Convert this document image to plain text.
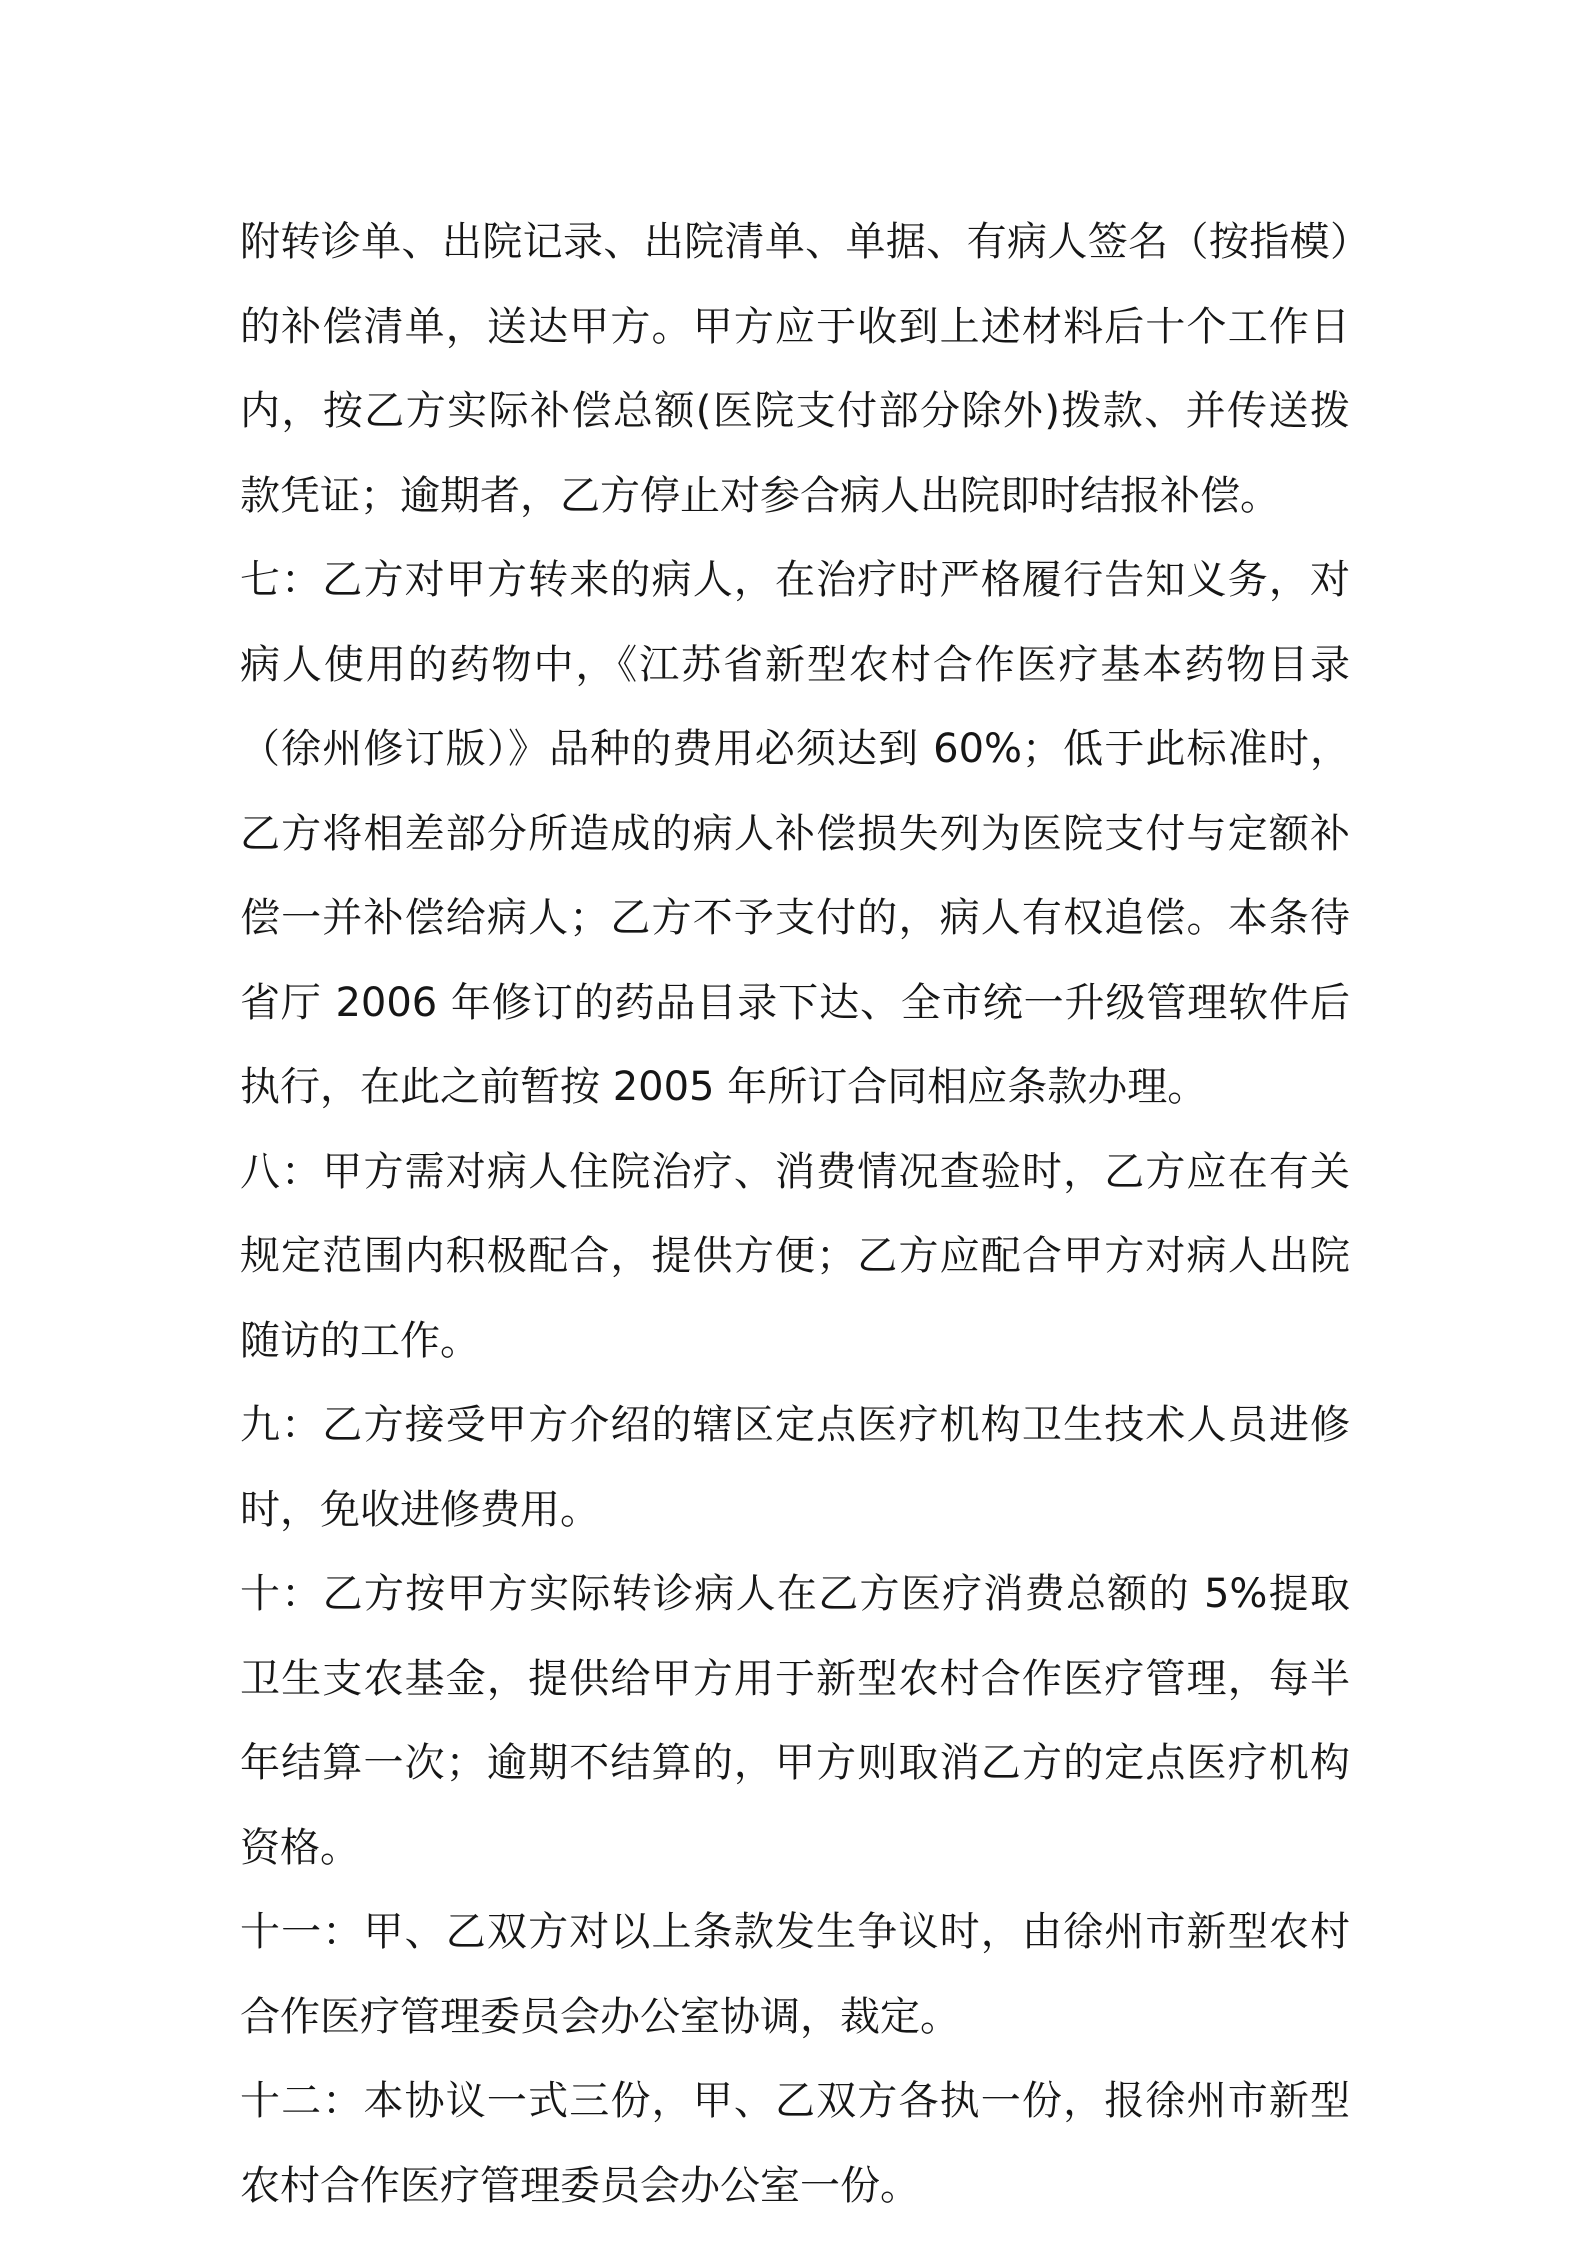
附转诊单、出院记录、出院清单、单据、有病人签名（按指模）的补偿清单，送达甲方。甲方应于收到上述材料后十个工作日内，按乙方实际补偿总额(医院支付部分除外)拨款、并传送拨款凭证；逾期者，乙方停止对参合病人出院即时结报补偿。

七：乙方对甲方转来的病人，在治疗时严格履行告知义务，对病人使用的药物中，《江苏省新型农村合作医疗基本药物目录（徐州修订版）》品种的费用必须达到 60%；低于此标准时，乙方将相差部分所造成的病人补偿损失列为医院支付与定额补偿一并补偿给病人；乙方不予支付的，病人有权追偿。本条待省厅 2006 年修订的药品目录下达、全市统一升级管理软件后执行，在此之前暂按 2005 年所订合同相应条款办理。

八：甲方需对病人住院治疗、消费情况查验时，乙方应在有关规定范围内积极配合，提供方便；乙方应配合甲方对病人出院随访的工作。

九：乙方接受甲方介绍的辖区定点医疗机构卫生技术人员进修时，免收进修费用。

十：乙方按甲方实际转诊病人在乙方医疗消费总额的 5%提取卫生支农基金，提供给甲方用于新型农村合作医疗管理，每半年结算一次；逾期不结算的，甲方则取消乙方的定点医疗机构资格。

十一：甲、乙双方对以上条款发生争议时，由徐州市新型农村合作医疗管理委员会办公室协调，裁定。

十二：本协议一式三份，甲、乙双方各执一份，报徐州市新型农村合作医疗管理委员会办公室一份。
